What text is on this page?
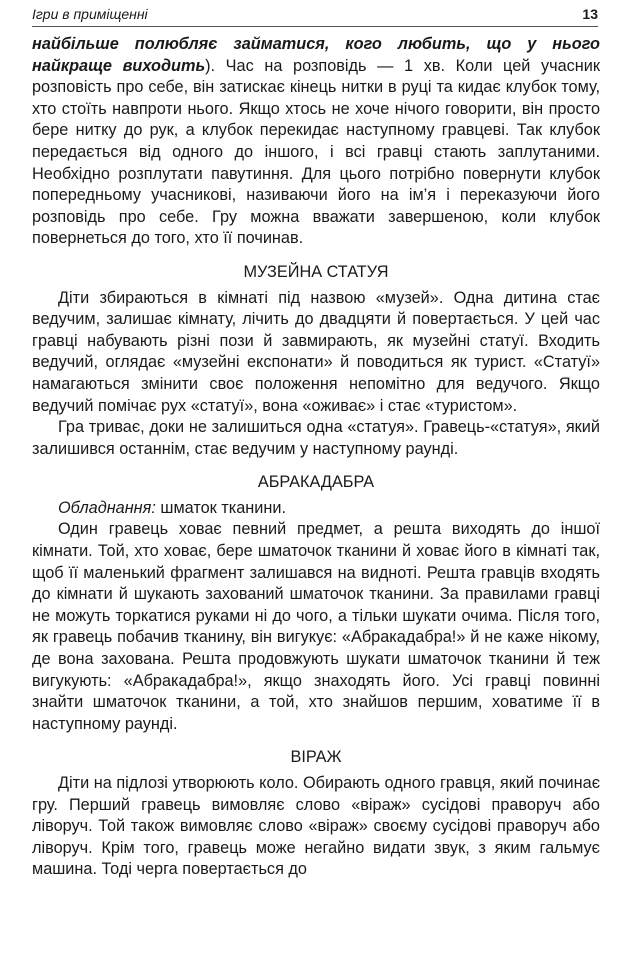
Ігри в приміщенні	13

найбільше полюбляє займатися, кого любить, що у нього найкраще виходить). Час на розповідь — 1 хв. Коли цей учасник розповість про себе, він затискає кінець нитки в руці та кидає клубок тому, хто стоїть навпроти нього. Якщо хтось не хоче нічого говорити, він просто бере нитку до рук, а клубок перекидає наступному гравцеві. Так клубок передається від одного до іншого, і всі гравці стають заплутаними. Необхідно розплутати павутиння. Для цього потрібно повернути клубок попередньому учасникові, називаючи його на ім’я і переказуючи його розповідь про себе. Гру можна вважати завершеною, коли клубок повернеться до того, хто її починав.

МУЗЕЙНА СТАТУЯ

Діти збираються в кімнаті під назвою «музей». Одна дитина стає ведучим, залишає кімнату, лічить до двадцяти й повертається. У цей час гравці набувають різні пози й завмирають, як музейні статуї. Входить ведучий, оглядає «музейні експонати» й поводиться як турист. «Статуї» намагаються змінити своє положення непомітно для ведучого. Якщо ведучий помічає рух «статуї», вона «оживає» і стає «туристом».

Гра триває, доки не залишиться одна «статуя». Гравець-«статуя», який залишився останнім, стає ведучим у наступному раунді.

АБРАКАДАБРА

Обладнання: шматок тканини.

Один гравець ховає певний предмет, а решта виходять до іншої кімнати. Той, хто ховає, бере шматочок тканини й ховає його в кімнаті так, щоб її маленький фрагмент залишався на видноті. Решта гравців входять до кімнати й шукають захований шматочок тканини. За правилами гравці не можуть торкатися руками ні до чого, а тільки шукати очима. Після того, як гравець побачив тканину, він вигукує: «Абракадабра!» й не каже нікому, де вона захована. Решта продовжують шукати шматочок тканини й теж вигукують: «Абракадабра!», якщо знаходять його. Усі гравці повинні знайти шматочок тканини, а той, хто знайшов першим, ховатиме її в наступному раунді.

ВІРАЖ

Діти на підлозі утворюють коло. Обирають одного гравця, який починає гру. Перший гравець вимовляє слово «віраж» сусідові праворуч або ліворуч. Той також вимовляє слово «віраж» своєму сусідові праворуч або ліворуч. Крім того, гравець може негайно видати звук, з яким гальмує машина. Тоді черга повертається до
